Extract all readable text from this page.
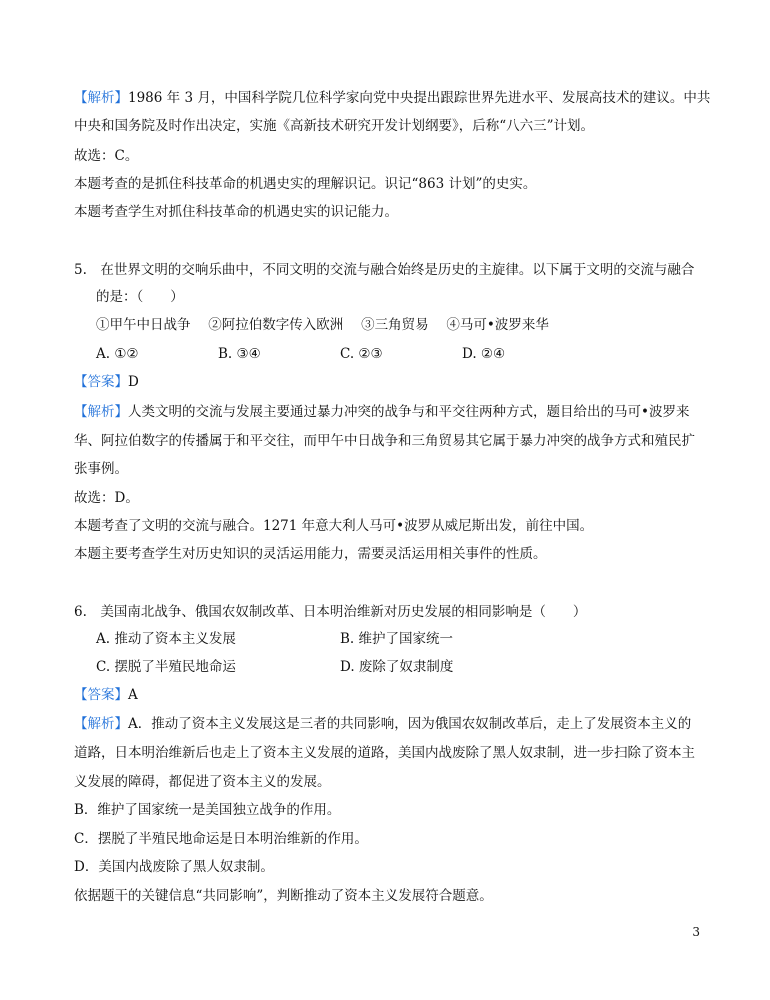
【解析】1986 年 3 月，中国科学院几位科学家向党中央提出跟踪世界先进水平、发展高技术的建议。中共
中央和国务院及时作出决定，实施《高新技术研究开发计划纲要》，后称“八六三”计划。
故选：C。
本题考查的是抓住科技革命的机遇史实的理解识记。识记“863 计划”的史实。
本题考查学生对抓住科技革命的机遇史实的识记能力。
5.　在世界文明的交响乐曲中，不同文明的交流与融合始终是历史的主旋律。以下属于文明的交流与融合
的是：（　　）
①甲午中日战争　 ②阿拉伯数字传入欧洲　 ③三角贸易　 ④马可•波罗来华
A. ①②	B. ③④	C. ②③	D. ②④
【答案】D
【解析】人类文明的交流与发展主要通过暴力冲突的战争与和平交往两种方式，题目给出的马可•波罗来
华、阿拉伯数字的传播属于和平交往，而甲午中日战争和三角贸易其它属于暴力冲突的战争方式和殖民扩
张事例。
故选：D。
本题考查了文明的交流与融合。1271 年意大利人马可•波罗从威尼斯出发，前往中国。
本题主要考查学生对历史知识的灵活运用能力，需要灵活运用相关事件的性质。
6.　美国南北战争、俄国农奴制改革、日本明治维新对历史发展的相同影响是（　　）
A. 推动了资本主义发展	B. 维护了国家统一
C. 摆脱了半殖民地命运	D. 废除了奴隶制度
【答案】A
【解析】A．推动了资本主义发展这是三者的共同影响，因为俄国农奴制改革后，走上了发展资本主义的
道路，日本明治维新后也走上了资本主义发展的道路，美国内战废除了黑人奴隶制，进一步扫除了资本主
义发展的障碍，都促进了资本主义的发展。
B．维护了国家统一是美国独立战争的作用。
C．摆脱了半殖民地命运是日本明治维新的作用。
D．美国内战废除了黑人奴隶制。
依据题干的关键信息“共同影响”，判断推动了资本主义发展符合题意。
3
